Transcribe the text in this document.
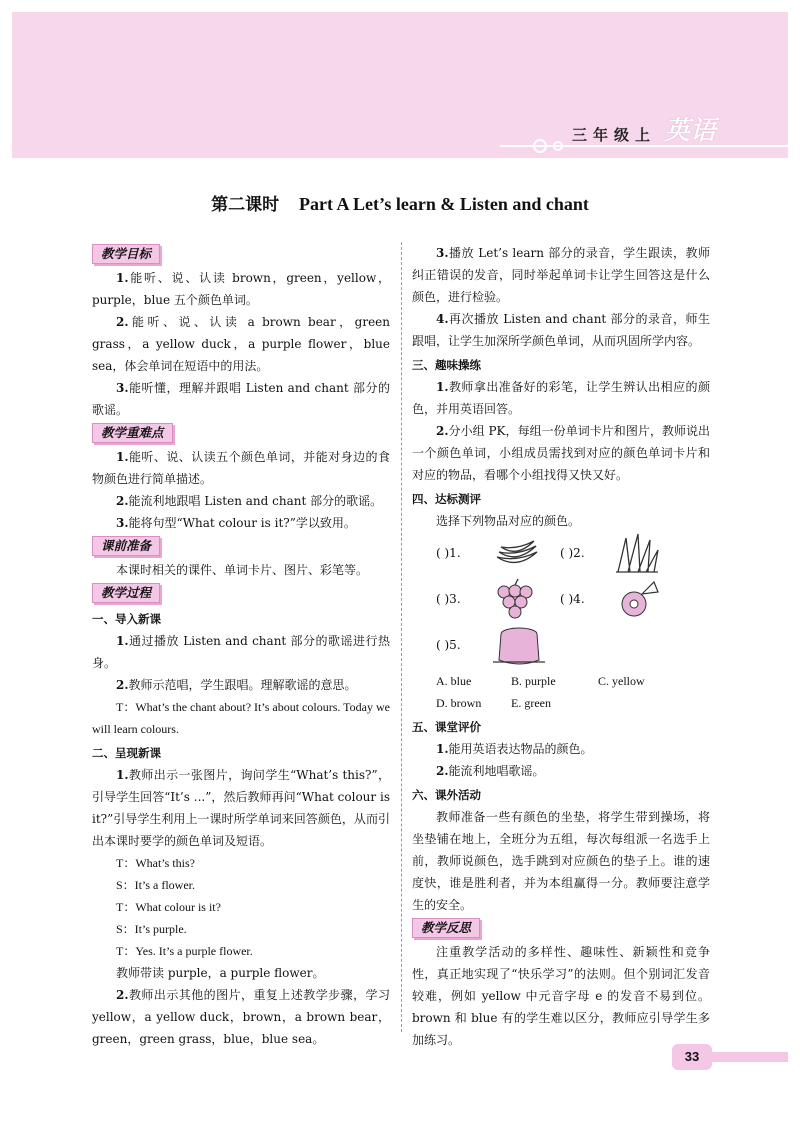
三年级上 英语
第二课时 Part A Let’s learn & Listen and chant
教学目标

1.能听、说、认读 brown，green，yellow，purple，blue 五个颜色单词。

2.能听、说、认读 a brown bear，green grass，a yellow duck，a purple flower，blue sea，体会单词在短语中的用法。

3.能听懂，理解并跟唱 Listen and chant 部分的歌谣。

教学重难点

1.能听、说、认读五个颜色单词，并能对身边的食物颜色进行简单描述。

2.能流利地跟唱 Listen and chant 部分的歌谣。

3.能将句型“What colour is it?”学以致用。

课前准备

本课时相关的课件、单词卡片、图片、彩笔等。

教学过程
一、导入新课

1.通过播放 Listen and chant 部分的歌谣进行热身。

2.教师示范唱，学生跟唱。理解歌谣的意思。

T：What’s the chant about? It’s about colours. Today we will learn colours.

二、呈现新课

1.教师出示一张图片，询问学生“What’s this?”，引导学生回答“It’s ...”，然后教师再问“What colour is it?”引导学生利用上一课时所学单词来回答颜色，从而引出本课时要学的颜色单词及短语。

T：What’s this?

S：It’s a flower.

T：What colour is it?

S：It’s purple.

T：Yes. It’s a purple flower.

教师带读 purple，a purple flower。

2.教师出示其他的图片，重复上述教学步骤，学习 yellow，a yellow duck，brown，a brown bear，green，green grass，blue，blue sea。

3.播放 Let’s learn 部分的录音，学生跟读，教师纠正错误的发音，同时举起单词卡让学生回答这是什么颜色，进行检验。

4.再次播放 Listen and chant 部分的录音，师生跟唱，让学生加深所学颜色单词，从而巩固所学内容。

三、趣味操练

1.教师拿出准备好的彩笔，让学生辨认出相应的颜色，并用英语回答。

2.分小组 PK，每组一份单词卡片和图片，教师说出一个颜色单词，小组成员需找到对应的颜色单词卡片和对应的物品，看哪个小组找得又快又好。

四、达标测评

选择下列物品对应的颜色。

( )1.	( )2.
( )3.	( )4.
( )5.
A. blue	B. purple	C. yellow
D. brown E. green
五、课堂评价

1.能用英语表达物品的颜色。

2.能流利地唱歌谣。

六、课外活动

教师准备一些有颜色的坐垫，将学生带到操场，将坐垫铺在地上，全班分为五组，每次每组派一名选手上前，教师说颜色，选手跳到对应颜色的垫子上。谁的速度快，谁是胜利者，并为本组赢得一分。教师要注意学生的安全。

教学反思

注重教学活动的多样性、趣味性、新颖性和竞争性，真正地实现了“快乐学习”的法则。但个别词汇发音较难，例如 yellow 中元音字母 e 的发音不易到位。brown 和 blue 有的学生难以区分，教师应引导学生多加练习。

33
